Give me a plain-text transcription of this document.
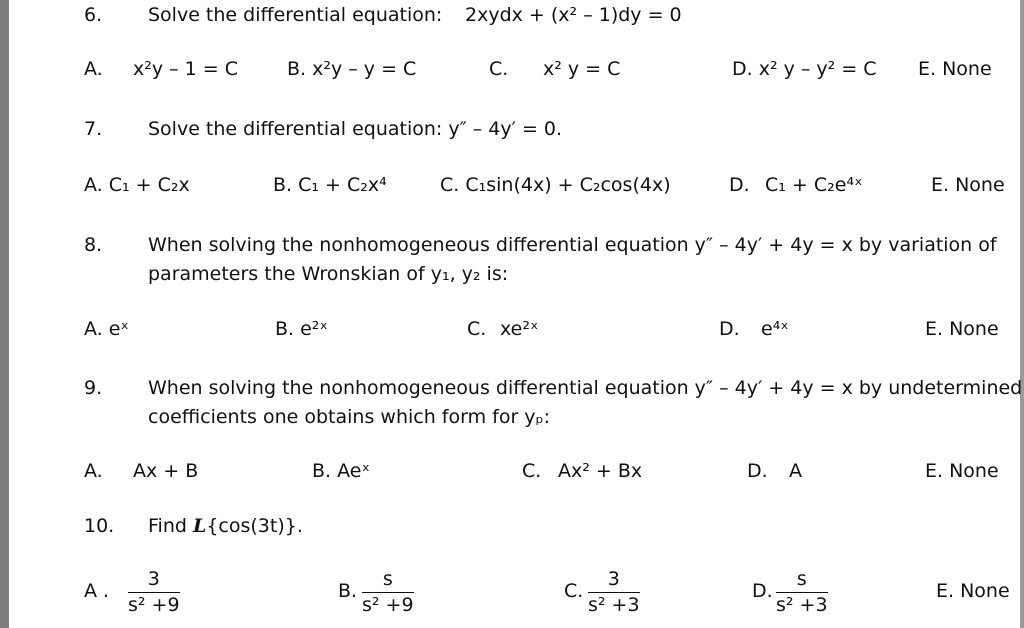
6. Solve the differential equation: 2xydx + (x² – 1)dy = 0
A. x²y – 1 = C	B. x²y – y = C	C. x² y = C	D. x² y – y² = C E. None
7. Solve the differential equation: y″ – 4y′ = 0.
A. C₁ + C₂x	B. C₁ + C₂x⁴	C. C₁sin(4x) + C₂cos(4x)	D. C₁ + C₂e⁴ˣ	E. None
8. When solving the nonhomogeneous differential equation y″ – 4y′ + 4y = x by variation of
parameters the Wronskian of y₁, y₂ is:
A. eˣ	B. e²ˣ	C. xe²ˣ	D. e⁴ˣ	E. None
9. When solving the nonhomogeneous differential equation y″ – 4y′ + 4y = x by undetermined
coefficients one obtains which form for yₚ:
A. Ax + B	B. Aeˣ	C. Ax² + Bx	D. A	E. None
10. Find L{cos(3t)}.
A . $\frac{3}{\text{s² +9}}$	B. $\frac{s}{\text{s² +9}}$	C. $\frac{3}{\text{s² +3}}$	D. $\frac{s}{\text{s² +3}}$	E. None
